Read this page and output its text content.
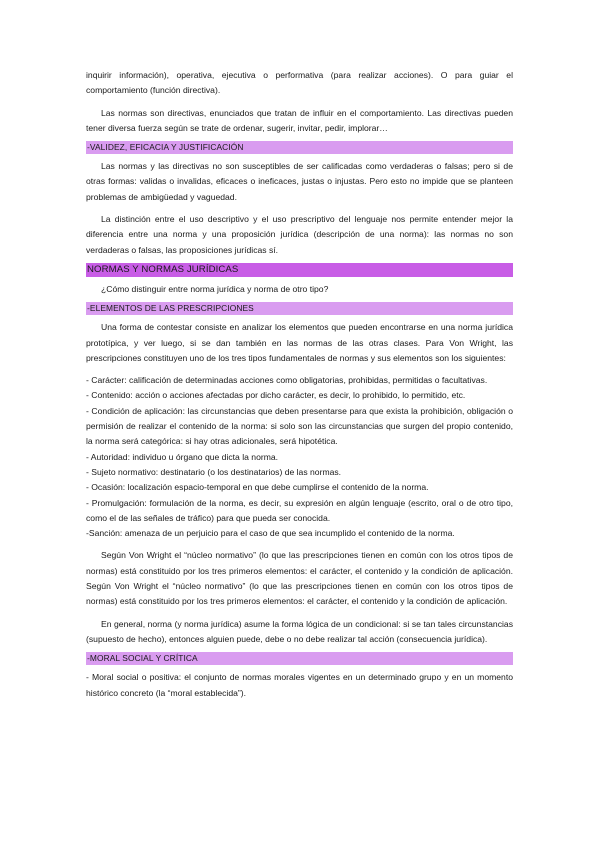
inquirir información), operativa, ejecutiva o performativa (para realizar acciones). O para guiar el comportamiento (función directiva).

Las normas son directivas, enunciados que tratan de influir en el comportamiento. Las directivas pueden tener diversa fuerza según se trate de ordenar, sugerir, invitar, pedir, implorar…

-VALIDEZ, EFICACIA Y JUSTIFICACIÓN

Las normas y las directivas no son susceptibles de ser calificadas como verdaderas o falsas; pero si de otras formas: validas o invalidas, eficaces o ineficaces, justas o injustas. Pero esto no impide que se planteen problemas de ambigüedad y vaguedad.

La distinción entre el uso descriptivo y el uso prescriptivo del lenguaje nos permite entender mejor la diferencia entre una norma y una proposición jurídica (descripción de una norma): las normas no son verdaderas o falsas, las proposiciones jurídicas sí.

NORMAS Y NORMAS JURÍDICAS

¿Cómo distinguir entre norma jurídica y norma de otro tipo?

-ELEMENTOS DE LAS PRESCRIPCIONES

Una forma de contestar consiste en analizar los elementos que pueden encontrarse en una norma jurídica prototípica, y ver luego, si se dan también en las normas de las otras clases. Para Von Wright, las prescripciones constituyen uno de los tres tipos fundamentales de normas y sus elementos son los siguientes:

- Carácter: calificación de determinadas acciones como obligatorias, prohibidas, permitidas o facultativas.

- Contenido: acción o acciones afectadas por dicho carácter, es decir, lo prohibido, lo permitido, etc.

- Condición de aplicación: las circunstancias que deben presentarse para que exista la prohibición, obligación o permisión de realizar el contenido de la norma: si solo son las circunstancias que surgen del propio contenido, la norma será categórica: si hay otras adicionales, será hipotética.

- Autoridad: individuo u órgano que dicta la norma.

- Sujeto normativo: destinatario (o los destinatarios) de las normas.

- Ocasión: localización espacio-temporal en que debe cumplirse el contenido de la norma.

- Promulgación: formulación de la norma, es decir, su expresión en algún lenguaje (escrito, oral o de otro tipo, como el de las señales de tráfico) para que pueda ser conocida.

-Sanción: amenaza de un perjuicio para el caso de que sea incumplido el contenido de la norma.

Según Von Wright el “núcleo normativo” (lo que las prescripciones tienen en común con los otros tipos de normas) está constituido por los tres primeros elementos: el carácter, el contenido y la condición de aplicación. Según Von Wright el “núcleo normativo” (lo que las prescripciones tienen en común con los otros tipos de normas) está constituido por los tres primeros elementos: el carácter, el contenido y la condición de aplicación.

En general, norma (y norma jurídica) asume la forma lógica de un condicional: si se tan tales circunstancias (supuesto de hecho), entonces alguien puede, debe o no debe realizar tal acción (consecuencia jurídica).

-MORAL SOCIAL Y CRÍTICA

- Moral social o positiva: el conjunto de normas morales vigentes en un determinado grupo y en un momento histórico concreto (la “moral establecida”).
